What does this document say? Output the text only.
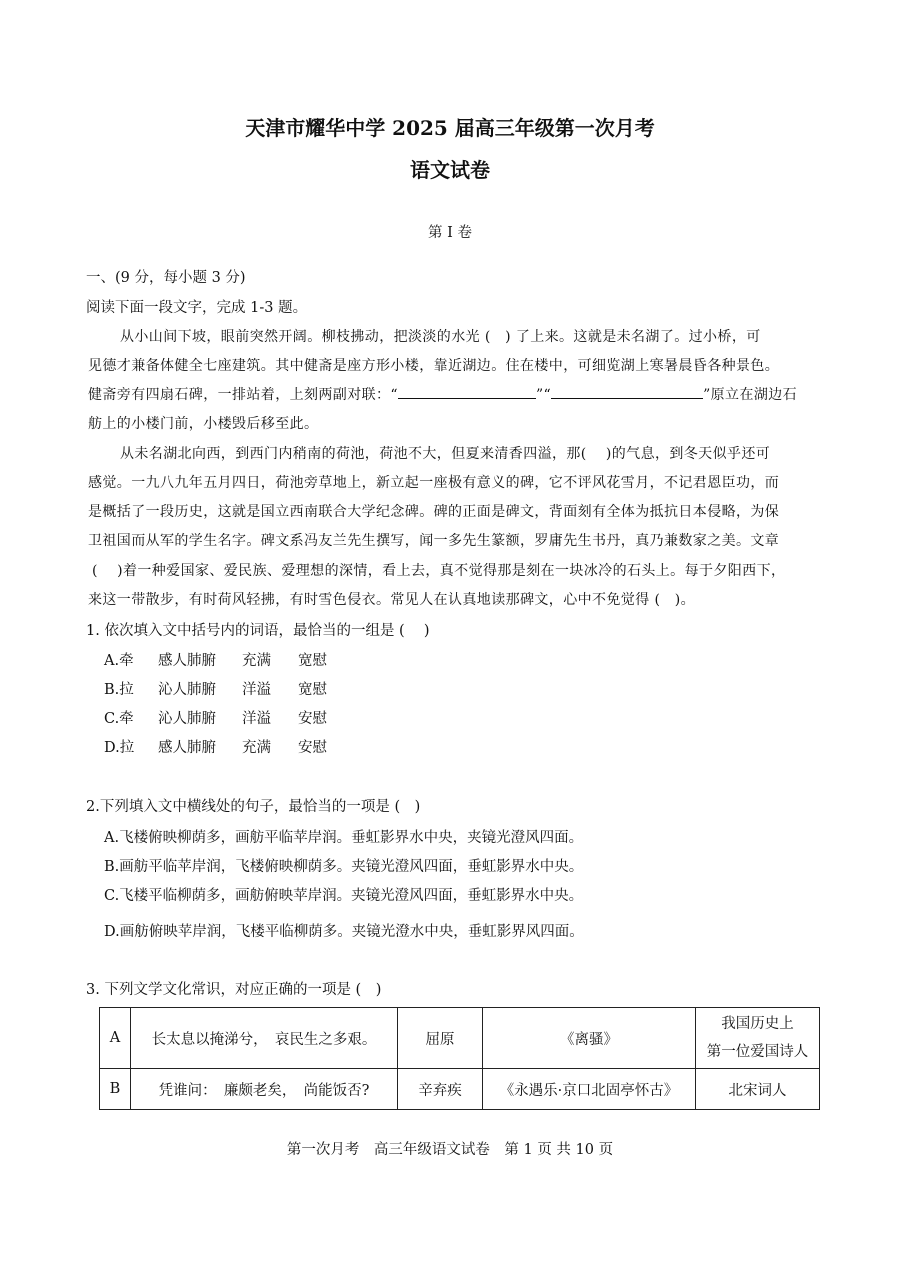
天津市耀华中学 2025 届高三年级第一次月考
语文试卷
第 I 卷
一、(9 分，每小题 3 分)
阅读下面一段文字，完成 1-3 题。
从小山间下坡，眼前突然开阔。柳枝拂动，把淡淡的水光 (　) 了上来。这就是未名湖了。过小桥，可
见德才兼备体健全七座建筑。其中健斋是座方形小楼，靠近湖边。住在楼中，可细览湖上寒暑晨昏各种景色。
健斋旁有四扇石碑，一排站着，上刻两副对联：“	”“	”原立在湖边石
舫上的小楼门前，小楼毁后移至此。
从未名湖北向西，到西门内稍南的荷池，荷池不大，但夏来清香四溢，那(　 )的气息，到冬天似乎还可
感觉。一九八九年五月四日，荷池旁草地上，新立起一座极有意义的碑，它不评风花雪月，不记君恩臣功，而
是概括了一段历史，这就是国立西南联合大学纪念碑。碑的正面是碑文，背面刻有全体为抵抗日本侵略，为保
卫祖国而从军的学生名字。碑文系冯友兰先生撰写，闻一多先生篆额，罗庸先生书丹，真乃兼数家之美。文章
(　 )着一种爱国家、爱民族、爱理想的深情，看上去，真不觉得那是刻在一块冰冷的石头上。每于夕阳西下，
来这一带散步，有时荷风轻拂，有时雪色侵衣。常见人在认真地读那碑文，心中不免觉得 (　)。
1. 依次填入文中括号内的词语，最恰当的一组是 (　 )
A.牵 感人肺腑 充满 宽慰
B.拉 沁人肺腑 洋溢 宽慰
C.牵 沁人肺腑 洋溢 安慰
D.拉 感人肺腑 充满 安慰
2.下列填入文中横线处的句子，最恰当的一项是 (　)
A.飞楼俯映柳荫多，画舫平临苹岸润。垂虹影界水中央，夹镜光澄风四面。
B.画舫平临苹岸润，飞楼俯映柳荫多。夹镜光澄风四面，垂虹影界水中央。
C.飞楼平临柳荫多，画舫俯映苹岸润。夹镜光澄风四面，垂虹影界水中央。
D.画舫俯映苹岸润，飞楼平临柳荫多。夹镜光澄水中央，垂虹影界风四面。
3. 下列文学文化常识，对应正确的一项是 (　)
A	长太息以掩涕兮，　哀民生之多艰。	屈原	《离骚》	我国历史上
第一位爱国诗人

B	凭谁问：　廉颇老矣，　尚能饭否?	辛弃疾	《永遇乐·京口北固亭怀古》	北宋词人
第一次月考　高三年级语文试卷　第 1 页 共 10 页
